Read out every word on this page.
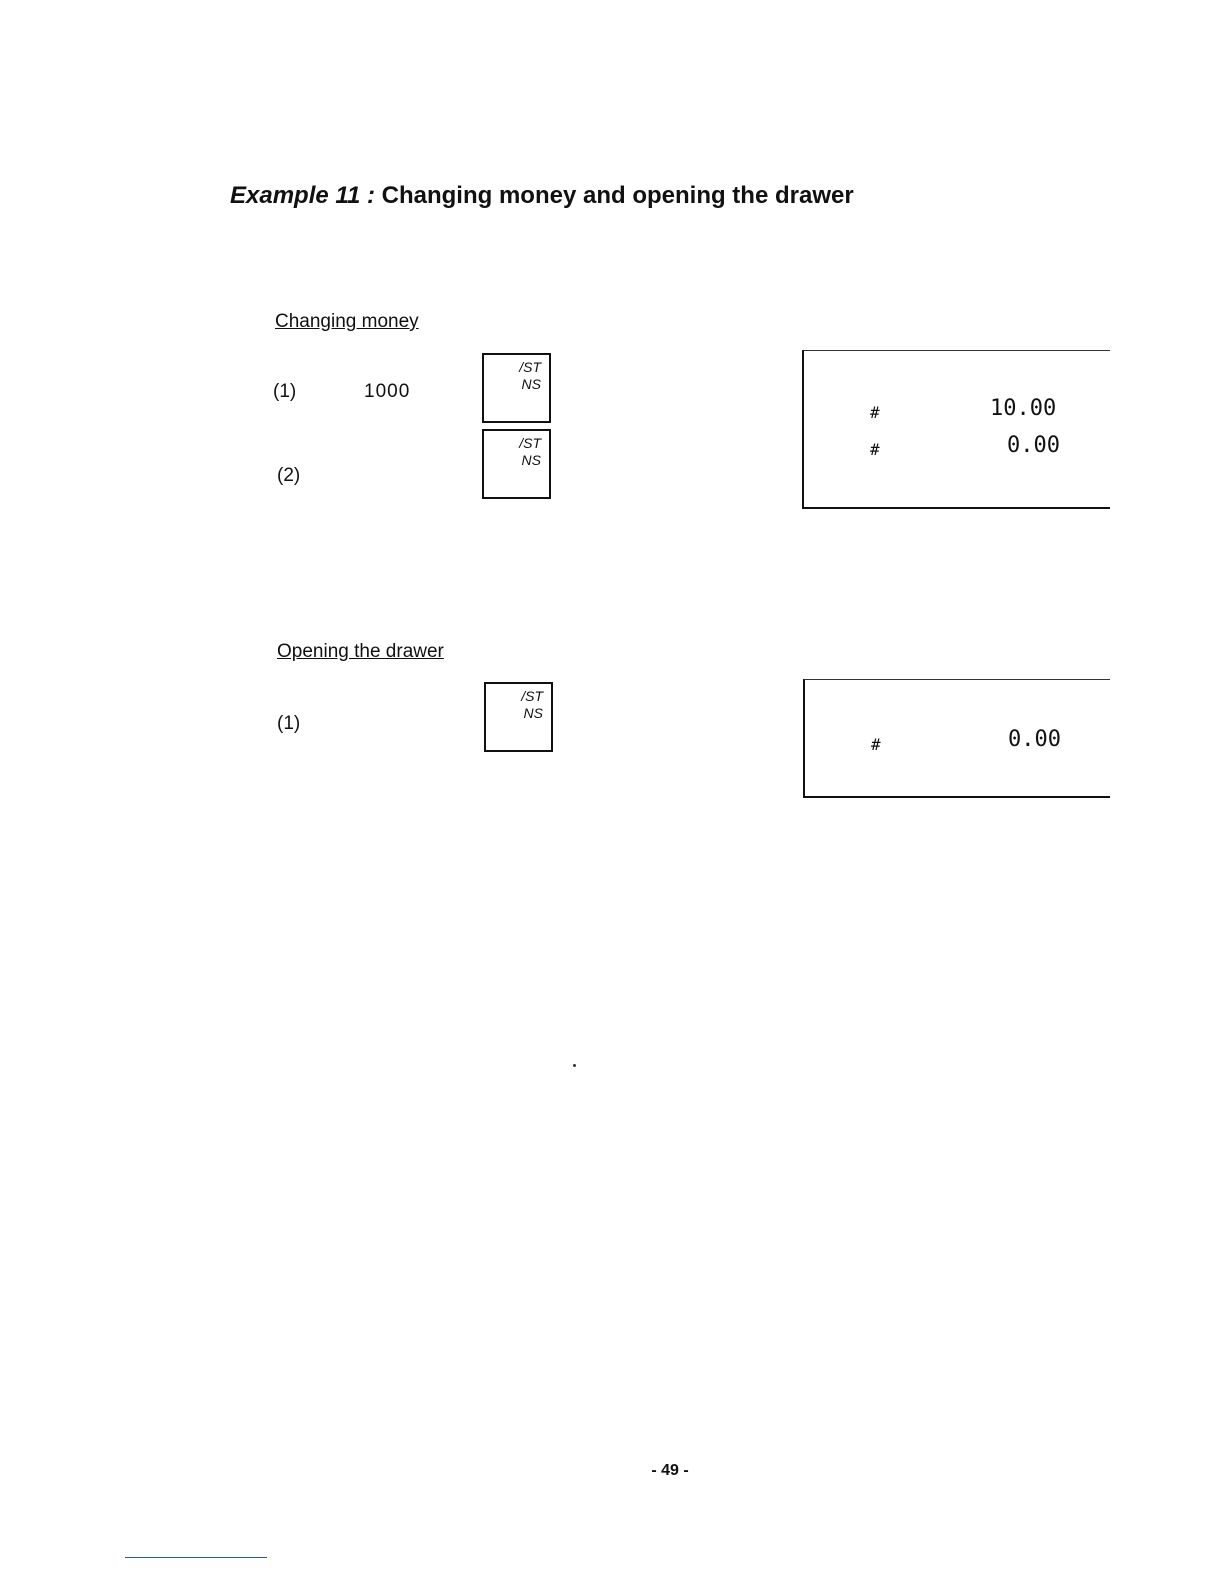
Example 11 : Changing money and opening the drawer
Changing money
(1)	1000
/ST
NS
(2)
/ST
NS
#	10.00
#	0.00
Opening the drawer
(1)
/ST
NS
#	0.00
- 49 -
